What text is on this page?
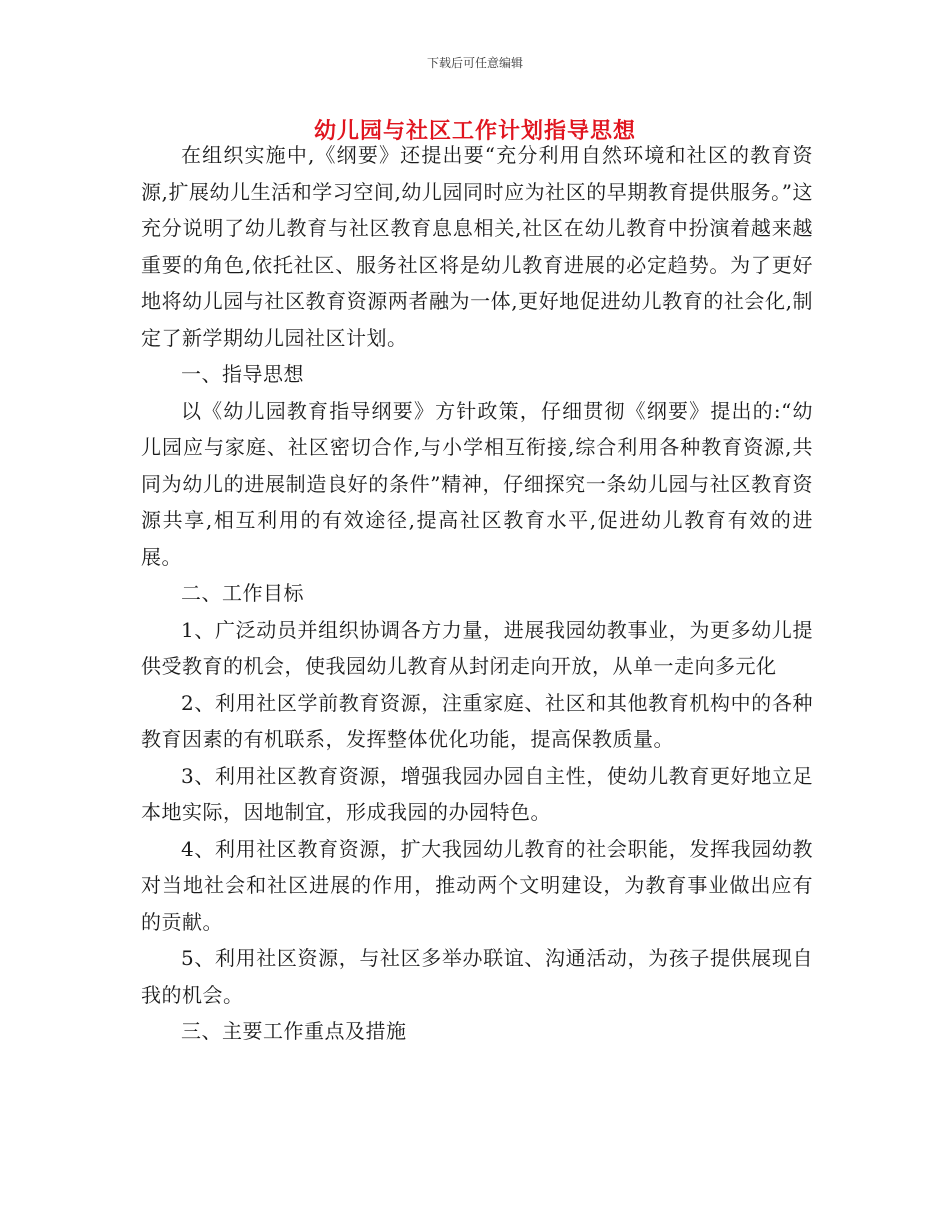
下载后可任意编辑
幼儿园与社区工作计划指导思想

在组织实施中,《纲要》还提出要“充分利用自然环境和社区的教育资源,扩展幼儿生活和学习空间,幼儿园同时应为社区的早期教育提供服务。”这充分说明了幼儿教育与社区教育息息相关,社区在幼儿教育中扮演着越来越重要的角色,依托社区、服务社区将是幼儿教育进展的必定趋势。为了更好地将幼儿园与社区教育资源两者融为一体,更好地促进幼儿教育的社会化,制定了新学期幼儿园社区计划。

一、指导思想

以《幼儿园教育指导纲要》方针政策，仔细贯彻《纲要》提出的:“幼儿园应与家庭、社区密切合作,与小学相互衔接,综合利用各种教育资源,共同为幼儿的进展制造良好的条件”精神，仔细探究一条幼儿园与社区教育资源共享,相互利用的有效途径,提高社区教育水平,促进幼儿教育有效的进展。

二、工作目标

1、广泛动员并组织协调各方力量，进展我园幼教事业，为更多幼儿提供受教育的机会，使我园幼儿教育从封闭走向开放，从单一走向多元化

2、利用社区学前教育资源，注重家庭、社区和其他教育机构中的各种教育因素的有机联系，发挥整体优化功能，提高保教质量。

3、利用社区教育资源，增强我园办园自主性，使幼儿教育更好地立足本地实际，因地制宜，形成我园的办园特色。

4、利用社区教育资源，扩大我园幼儿教育的社会职能，发挥我园幼教对当地社会和社区进展的作用，推动两个文明建设，为教育事业做出应有的贡献。

5、利用社区资源，与社区多举办联谊、沟通活动，为孩子提供展现自我的机会。

三、主要工作重点及措施
